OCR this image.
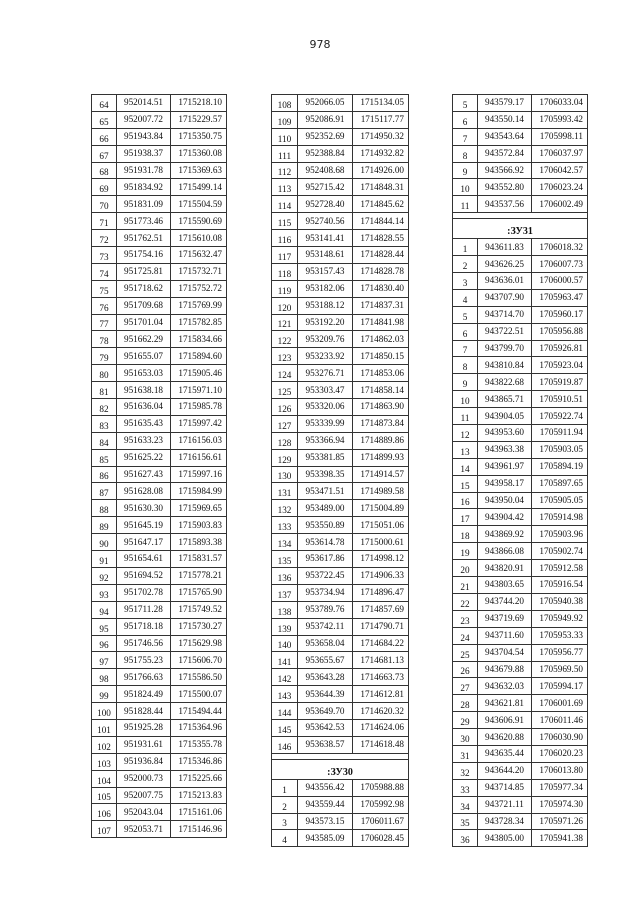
978
64	952014.51	1715218.10
65	952007.72	1715229.57
66	951943.84	1715350.75
67	951938.37	1715360.08
68	951931.78	1715369.63
69	951834.92	1715499.14
70	951831.09	1715504.59
71	951773.46	1715590.69
72	951762.51	1715610.08
73	951754.16	1715632.47
74	951725.81	1715732.71
75	951718.62	1715752.72
76	951709.68	1715769.99
77	951701.04	1715782.85
78	951662.29	1715834.66
79	951655.07	1715894.60
80	951653.03	1715905.46
81	951638.18	1715971.10
82	951636.04	1715985.78
83	951635.43	1715997.42
84	951633.23	1716156.03
85	951625.22	1716156.61
86	951627.43	1715997.16
87	951628.08	1715984.99
88	951630.30	1715969.65
89	951645.19	1715903.83
90	951647.17	1715893.38
91	951654.61	1715831.57
92	951694.52	1715778.21
93	951702.78	1715765.90
94	951711.28	1715749.52
95	951718.18	1715730.27
96	951746.56	1715629.98
97	951755.23	1715606.70
98	951766.63	1715586.50
99	951824.49	1715500.07
100	951828.44	1715494.44
101	951925.28	1715364.96
102	951931.61	1715355.78
103	951936.84	1715346.86
104	952000.73	1715225.66
105	952007.75	1715213.83
106	952043.04	1715161.06
107	952053.71	1715146.96
108	952066.05	1715134.05
109	952086.91	1715117.77
110	952352.69	1714950.32
111	952388.84	1714932.82
112	952408.68	1714926.00
113	952715.42	1714848.31
114	952728.40	1714845.62
115	952740.56	1714844.14
116	953141.41	1714828.55
117	953148.61	1714828.44
118	953157.43	1714828.78
119	953182.06	1714830.40
120	953188.12	1714837.31
121	953192.20	1714841.98
122	953209.76	1714862.03
123	953233.92	1714850.15
124	953276.71	1714853.06
125	953303.47	1714858.14
126	953320.06	1714863.90
127	953339.99	1714873.84
128	953366.94	1714889.86
129	953381.85	1714899.93
130	953398.35	1714914.57
131	953471.51	1714989.58
132	953489.00	1715004.89
133	953550.89	1715051.06
134	953614.78	1715000.61
135	953617.86	1714998.12
136	953722.45	1714906.33
137	953734.94	1714896.47
138	953789.76	1714857.69
139	953742.11	1714790.71
140	953658.04	1714684.22
141	953655.67	1714681.13
142	953643.28	1714663.73
143	953644.39	1714612.81
144	953649.70	1714620.32
145	953642.53	1714624.06
146	953638.57	1714618.48

:ЗУ30		
1	943556.42	1705988.88
2	943559.44	1705992.98
3	943573.15	1706011.67
4	943585.09	1706028.45
5	943579.17	1706033.04
6	943550.14	1705993.42
7	943543.64	1705998.11
8	943572.84	1706037.97
9	943566.92	1706042.57
10	943552.80	1706023.24
11	943537.56	1706002.49

:ЗУ31		
1	943611.83	1706018.32
2	943626.25	1706007.73
3	943636.01	1706000.57
4	943707.90	1705963.47
5	943714.70	1705960.17
6	943722.51	1705956.88
7	943799.70	1705926.81
8	943810.84	1705923.04
9	943822.68	1705919.87
10	943865.71	1705910.51
11	943904.05	1705922.74
12	943953.60	1705911.94
13	943963.38	1705903.05
14	943961.97	1705894.19
15	943958.17	1705897.65
16	943950.04	1705905.05
17	943904.42	1705914.98
18	943869.92	1705903.96
19	943866.08	1705902.74
20	943820.91	1705912.58
21	943803.65	1705916.54
22	943744.20	1705940.38
23	943719.69	1705949.92
24	943711.60	1705953.33
25	943704.54	1705956.77
26	943679.88	1705969.50
27	943632.03	1705994.17
28	943621.81	1706001.69
29	943606.91	1706011.46
30	943620.88	1706030.90
31	943635.44	1706020.23
32	943644.20	1706013.80
33	943714.85	1705977.34
34	943721.11	1705974.30
35	943728.34	1705971.26
36	943805.00	1705941.38
